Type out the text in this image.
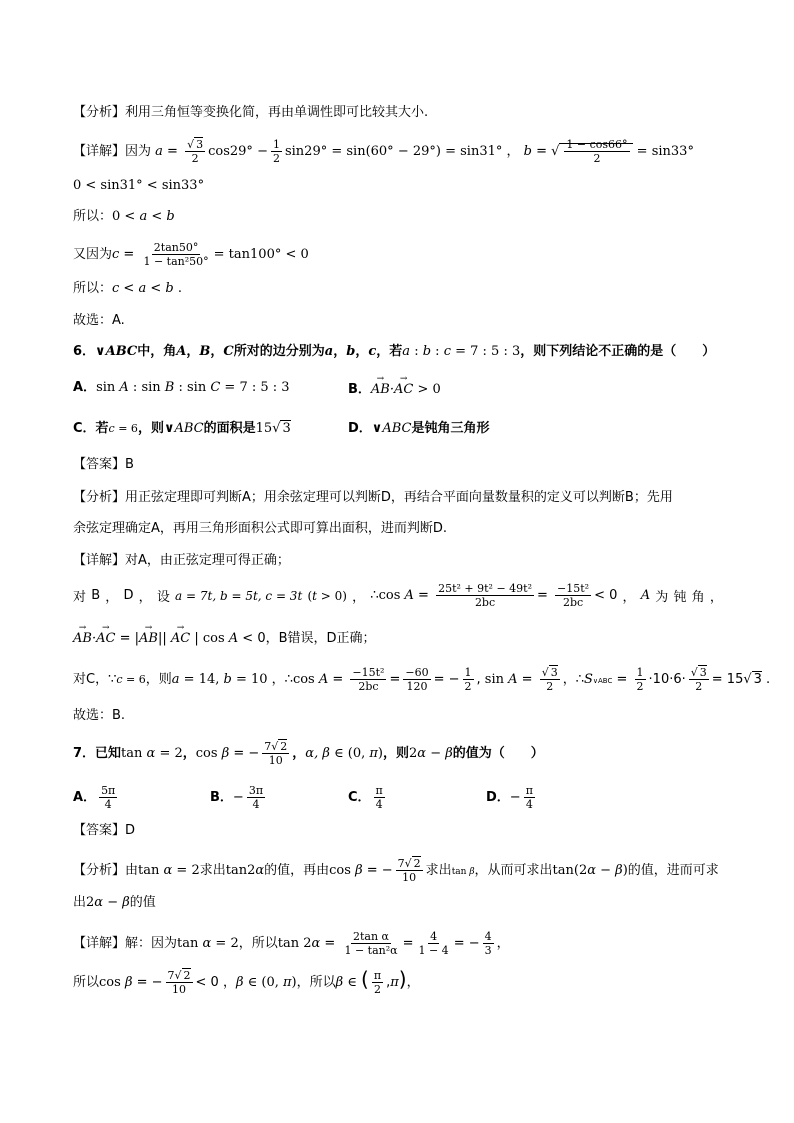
【分析】利用三角恒等变换化简，再由单调性即可比较其大小.
【详解】因为 $a = \frac{√ 3}{2} \cos 29^\circ - \frac{1}{2} \sin 29^\circ = \sin(60^\circ - 29^\circ) = \sin 31^\circ$ ， b = √ $\frac{1 - \cos 66^\circ}{2} = \sin 33^\circ$
0 < sin31° < sin33°
所以：0 < a < b
又因为$c = \frac{2\tan 50^\circ}{\text{1 − tan²50°}} = \tan 100^\circ < 0$
所以：c < a < b .
故选：A.
6．∨ABC中，角A，B，C所对的边分别为a，b，c，若a : b : c = 7 : 5 : 3，则下列结论不正确的是（　　）
A．sin A : sin B : sin C = 7 : 5 : 3	B．→ AB·→ AC > 0
C．若c = 6，则∨ABC的面积是15√ 3	D．∨ABC是钝角三角形
【答案】B
【分析】用正弦定理即可判断A；用余弦定理可以判断D，再结合平面向量数量积的定义可以判断B；先用
余弦定理确定A，再用三角形面积公式即可算出面积，进而判断D.
【详解】对A，由正弦定理可得正确；
对 B ， D ， 设 a = 7t, b = 5t, c = 3t (t > 0) ， ∴cos $A = \frac{\text{25t² + 9t² − 49t²}}{2bc} = \frac{\text{−15t²}}{2bc} < 0$ ， A 为 钝 角 ，
→ AB·→ AC = |→ AB|| → AC | cos A < 0，B错误，D正确；
对C，∵c = 6，则a = 14, b = 10 ，∴cos $A = \frac{\text{−15t²}}{2bc} = \frac{-60}{120}$ = − $\frac{1}{2}$ , $\sin A = \frac{√ 3}{2}$ ，∴S∨ABC = $\frac{1}{2} \cdot 10\cdot 6\cdot \frac{√ 3}{2} = 15√$ 3 .
故选：B.
7．已知tan α = 2，cos β = − $\frac{7√ 2}{10}$ ，α, β ∈ (0, π)，则2α − β的值为（　　）
A． $\frac{5\pi}{4}$	B．− $\frac{3\pi}{4}$	C． $\frac{\pi}{4}$	D．− $\frac{\pi}{4}$
【答案】D
【分析】由tan α = 2求出tan2α的值，再由cos β = − $\frac{7√ 2}{10}$ 求出tan β，从而可求出tan(2α − β)的值，进而可求
出2α − β的值
【详解】解：因为tan α = 2，所以$\tan 2\alpha = \frac{\text{2tan α}}{\text{1 − tan²α}} = \frac{4}{1 - 4}$ = − $\frac{4}{3}$ ，
所以cos β = − $\frac{7√ 2}{10} < 0$ ，β ∈ (0, π)，所以β ∈ ( $\frac{\pi}{2} ,\pi$)，
